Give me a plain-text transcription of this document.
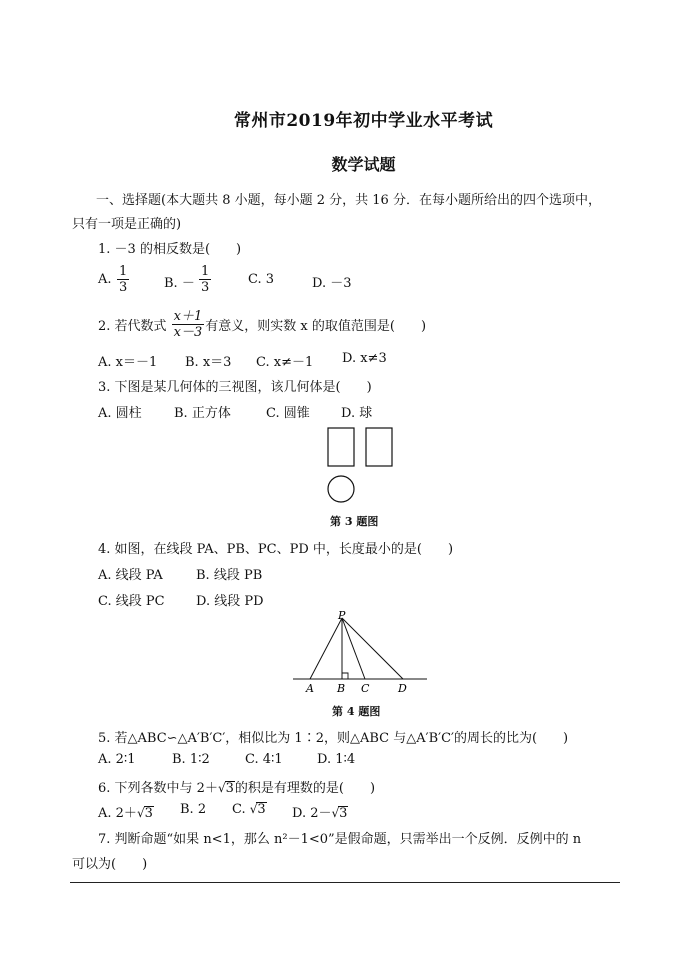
常州市2019年初中学业水平考试
数学试题
一、选择题(本大题共 8 小题，每小题 2 分，共 16 分．在每小题所给出的四个选项中，
只有一项是正确的)
1. －3 的相反数是(　　)
A. $\frac{1}{3}$	B. － $\frac{1}{3}$	C. 3	D. －3
2. 若代数式 $\frac{x+1}{x-3}$ 有意义，则实数 x 的取值范围是(　　)
A. x＝－1 B. x＝3 C. x≠－1 D. x≠3
3. 下图是某几何体的三视图，该几何体是(　　)
A. 圆柱 B. 正方体	C. 圆锥 D. 球
第 3 题图
4. 如图，在线段 PA、PB、PC、PD 中，长度最小的是(　　)
A. 线段 PA	B. 线段 PB
C. 线段 PC D. 线段 PD
P
A B C	D
第 4 题图
5. 若△ABC∽△A′B′C′，相似比为 1∶2，则△ABC 与△A′B′C′的周长的比为(　　)
A. 2∶1	B. 1∶2	C. 4∶1	D. 1∶4
6. 下列各数中与 2＋√3的积是有理数的是(　　)
A. 2＋√3 B. 2 C. √3 D. 2－√3
7. 判断命题“如果 n<1，那么 n²－1<0”是假命题，只需举出一个反例．反例中的 n
可以为(　　)
